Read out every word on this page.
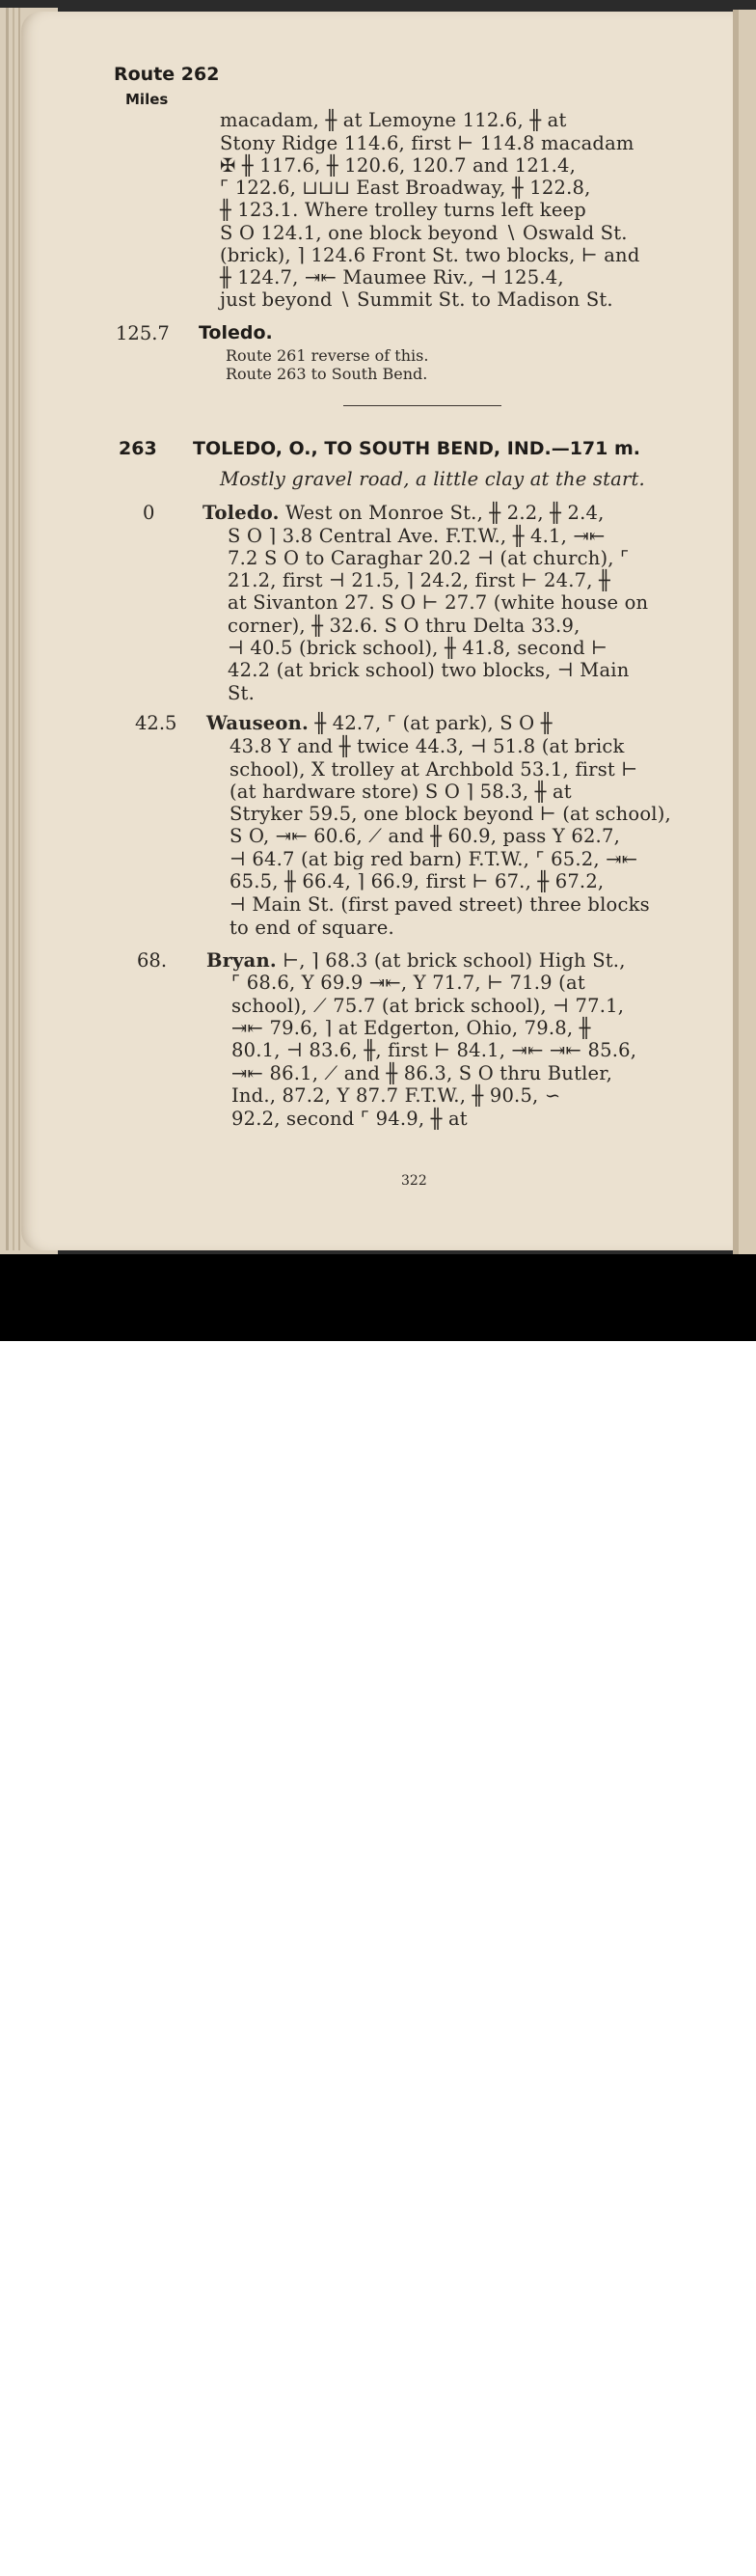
Route 262
Miles
macadam, ╫ at Lemoyne 112.6, ╫ at
Stony Ridge 114.6, first ⊢ 114.8 macadam
✠ ╫ 117.6, ╫ 120.6, 120.7 and 121.4,
⌜ 122.6, ⊔⊔⊔ East Broadway, ╫ 122.8,
╫ 123.1. Where trolley turns left keep
S O 124.1, one block beyond ∖ Oswald St.
(brick), ⌉ 124.6 Front St. two blocks, ⊢ and
╫ 124.7, ⇥⇤ Maumee Riv., ⊣ 125.4,
just beyond ∖ Summit St. to Madison St.
125.7 Toledo.
Route 261 reverse of this.
Route 263 to South Bend.
263 TOLEDO, O., TO SOUTH BEND, IND.—171 m.
Mostly gravel road, a little clay at the start.
0	Toledo. West on Monroe St., ╫ 2.2, ╫ 2.4,
S O ⌉ 3.8 Central Ave. F.T.W., ╫ 4.1, ⇥⇤
7.2 S O to Caraghar 20.2 ⊣ (at church), ⌜
21.2, first ⊣ 21.5, ⌉ 24.2, first ⊢ 24.7, ╫
at Sivanton 27. S O ⊢ 27.7 (white house on
corner), ╫ 32.6. S O thru Delta 33.9,
⊣ 40.5 (brick school), ╫ 41.8, second ⊢
42.2 (at brick school) two blocks, ⊣ Main
St.
42.5 Wauseon. ╫ 42.7, ⌜ (at park), S O ╫
43.8 Y and ╫ twice 44.3, ⊣ 51.8 (at brick
school), X trolley at Archbold 53.1, first ⊢
(at hardware store) S O ⌉ 58.3, ╫ at
Stryker 59.5, one block beyond ⊢ (at school),
S O, ⇥⇤ 60.6, ⟋ and ╫ 60.9, pass Y 62.7,
⊣ 64.7 (at big red barn) F.T.W., ⌜ 65.2, ⇥⇤
65.5, ╫ 66.4, ⌉ 66.9, first ⊢ 67., ╫ 67.2,
⊣ Main St. (first paved street) three blocks
to end of square.
68. Bryan. ⊢, ⌉ 68.3 (at brick school) High St.,
⌜ 68.6, Y 69.9 ⇥⇤, Y 71.7, ⊢ 71.9 (at
school), ⟋ 75.7 (at brick school), ⊣ 77.1,
⇥⇤ 79.6, ⌉ at Edgerton, Ohio, 79.8, ╫
80.1, ⊣ 83.6, ╫, first ⊢ 84.1, ⇥⇤ ⇥⇤ 85.6,
⇥⇤ 86.1, ⟋ and ╫ 86.3, S O thru Butler,
Ind., 87.2, Y 87.7 F.T.W., ╫ 90.5, ∽
92.2, second ⌜ 94.9, ╫ at
322
alamy	GAXAR3
www.alamy.com
